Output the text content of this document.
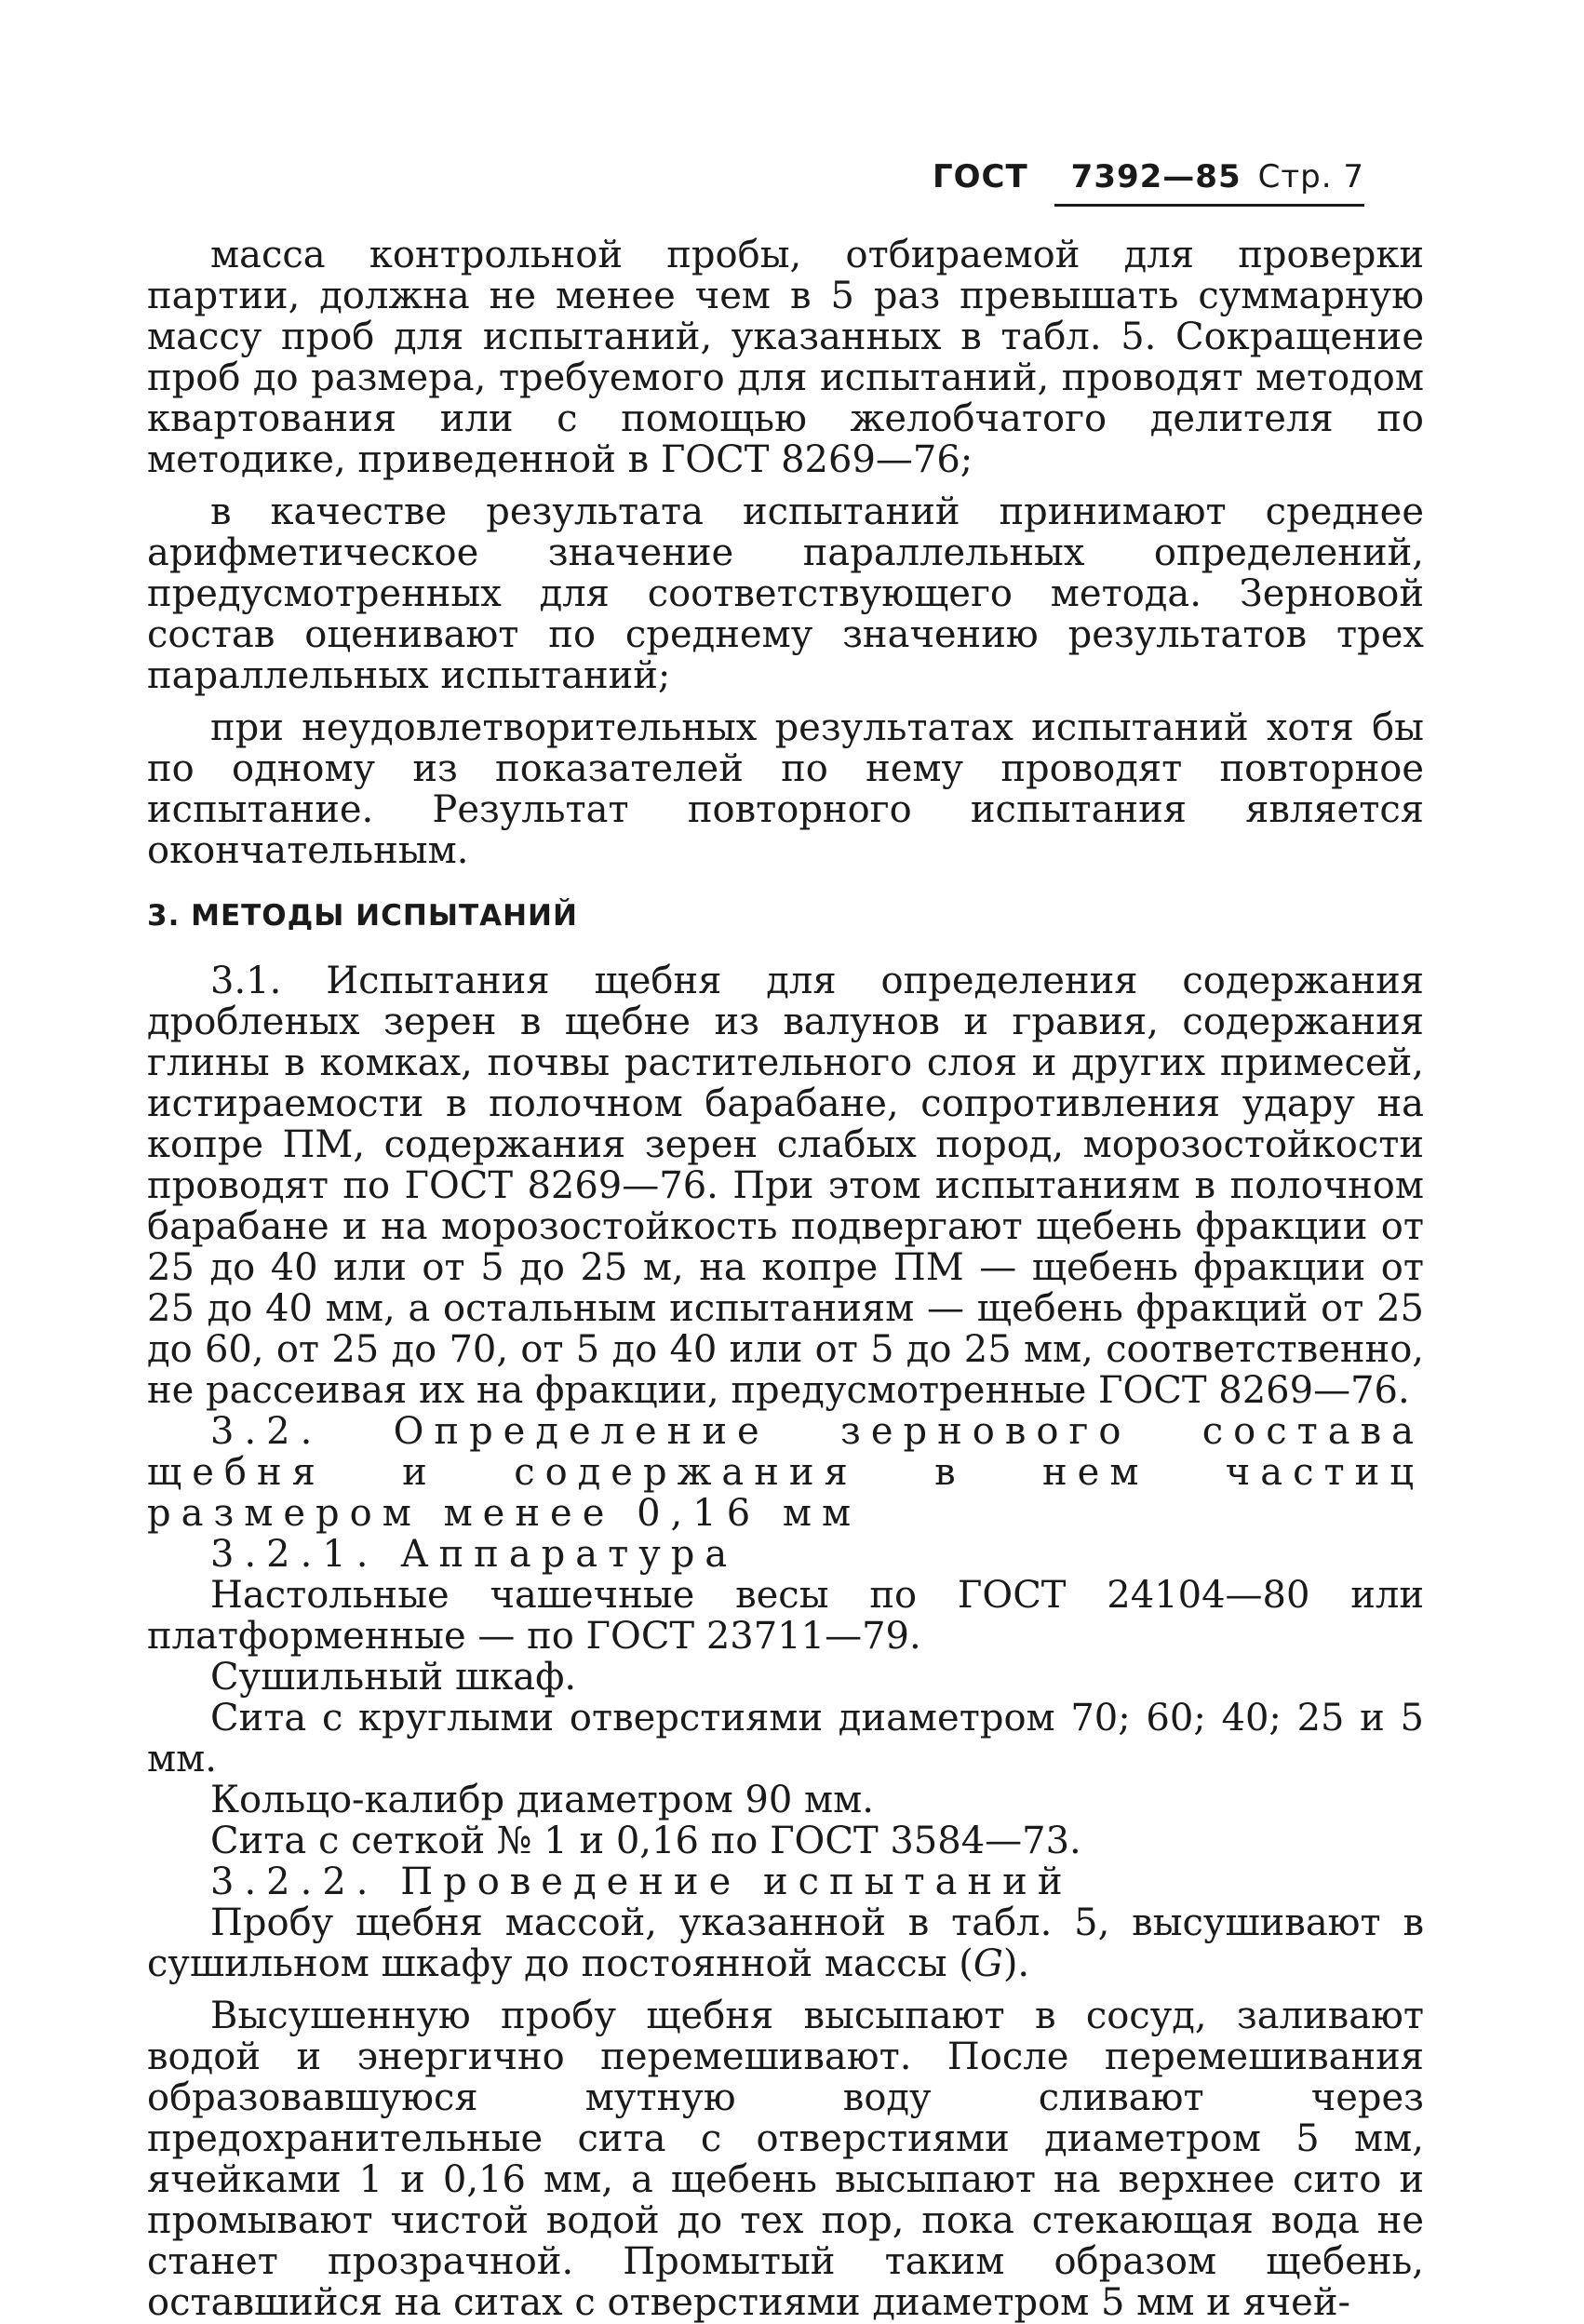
ГОСТ 7392—85 Стр. 7

масса контрольной пробы, отбираемой для проверки партии, должна не менее чем в 5 раз превышать суммарную массу проб для испытаний, указанных в табл. 5. Сокращение проб до размера, требуемого для испытаний, проводят методом квартования или с помощью желобчатого делителя по методике, приведенной в ГОСТ 8269—76;

в качестве результата испытаний принимают среднее арифметическое значение параллельных определений, предусмотренных для соответствующего метода. Зерновой состав оценивают по среднему значению результатов трех параллельных испытаний;

при неудовлетворительных результатах испытаний хотя бы по одному из показателей по нему проводят повторное испытание. Результат повторного испытания является окончательным.

3. МЕТОДЫ ИСПЫТАНИЙ

3.1. Испытания щебня для определения содержания дробленых зерен в щебне из валунов и гравия, содержания глины в комках, почвы растительного слоя и других примесей, истираемости в полочном барабане, сопротивления удару на копре ПМ, содержания зерен слабых пород, морозостойкости проводят по ГОСТ 8269—76. При этом испытаниям в полочном барабане и на морозостойкость подвергают щебень фракции от 25 до 40 или от 5 до 25 м, на копре ПМ — щебень фракции от 25 до 40 мм, а остальным испытаниям — щебень фракций от 25 до 60, от 25 до 70, от 5 до 40 или от 5 до 25 мм, соответственно, не рассеивая их на фракции, предусмотренные ГОСТ 8269—76.

3.2. Определение зернового состава щебня и содержания в нем частиц размером менее 0,16 мм

3.2.1. Аппаратура

Настольные чашечные весы по ГОСТ 24104—80 или платформенные — по ГОСТ 23711—79.

Сушильный шкаф.

Сита с круглыми отверстиями диаметром 70; 60; 40; 25 и 5 мм.

Кольцо-калибр диаметром 90 мм.

Сита с сеткой № 1 и 0,16 по ГОСТ 3584—73.

3.2.2. Проведение испытаний

Пробу щебня массой, указанной в табл. 5, высушивают в сушильном шкафу до постоянной массы (G).

Высушенную пробу щебня высыпают в сосуд, заливают водой и энергично перемешивают. После перемешивания образовавшуюся мутную воду сливают через предохранительные сита с отверстиями диаметром 5 мм, ячейками 1 и 0,16 мм, а щебень высыпают на верхнее сито и промывают чистой водой до тех пор, пока стекающая вода не станет прозрачной. Промытый таким образом щебень, оставшийся на ситах с отверстиями диаметром 5 мм и ячей-
